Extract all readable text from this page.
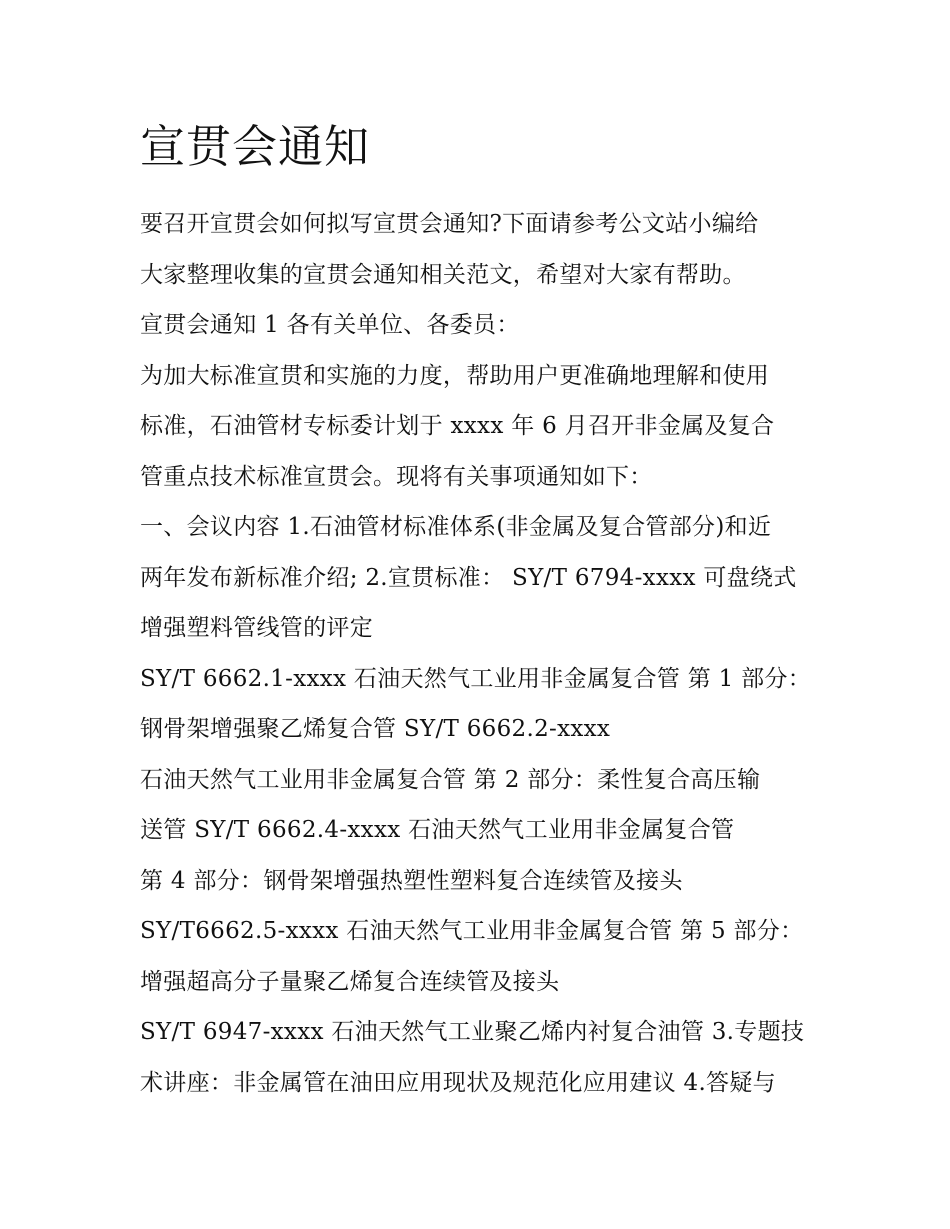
宣贯会通知

要召开宣贯会如何拟写宣贯会通知?下面请参考公文站小编给

大家整理收集的宣贯会通知相关范文，希望对大家有帮助。

宣贯会通知 1 各有关单位、各委员：

为加大标准宣贯和实施的力度，帮助用户更准确地理解和使用

标准，石油管材专标委计划于 xxxx 年 6 月召开非金属及复合

管重点技术标准宣贯会。现将有关事项通知如下：

一、会议内容 1.石油管材标准体系(非金属及复合管部分)和近

两年发布新标准介绍; 2.宣贯标准： SY/T 6794-xxxx 可盘绕式

增强塑料管线管的评定

SY/T 6662.1-xxxx 石油天然气工业用非金属复合管 第 1 部分：

钢骨架增强聚乙烯复合管 SY/T 6662.2-xxxx

石油天然气工业用非金属复合管 第 2 部分：柔性复合高压输

送管 SY/T 6662.4-xxxx 石油天然气工业用非金属复合管

第 4 部分：钢骨架增强热塑性塑料复合连续管及接头

SY/T6662.5-xxxx 石油天然气工业用非金属复合管 第 5 部分：

增强超高分子量聚乙烯复合连续管及接头

SY/T 6947-xxxx 石油天然气工业聚乙烯内衬复合油管 3.专题技

术讲座：非金属管在油田应用现状及规范化应用建议 4.答疑与
